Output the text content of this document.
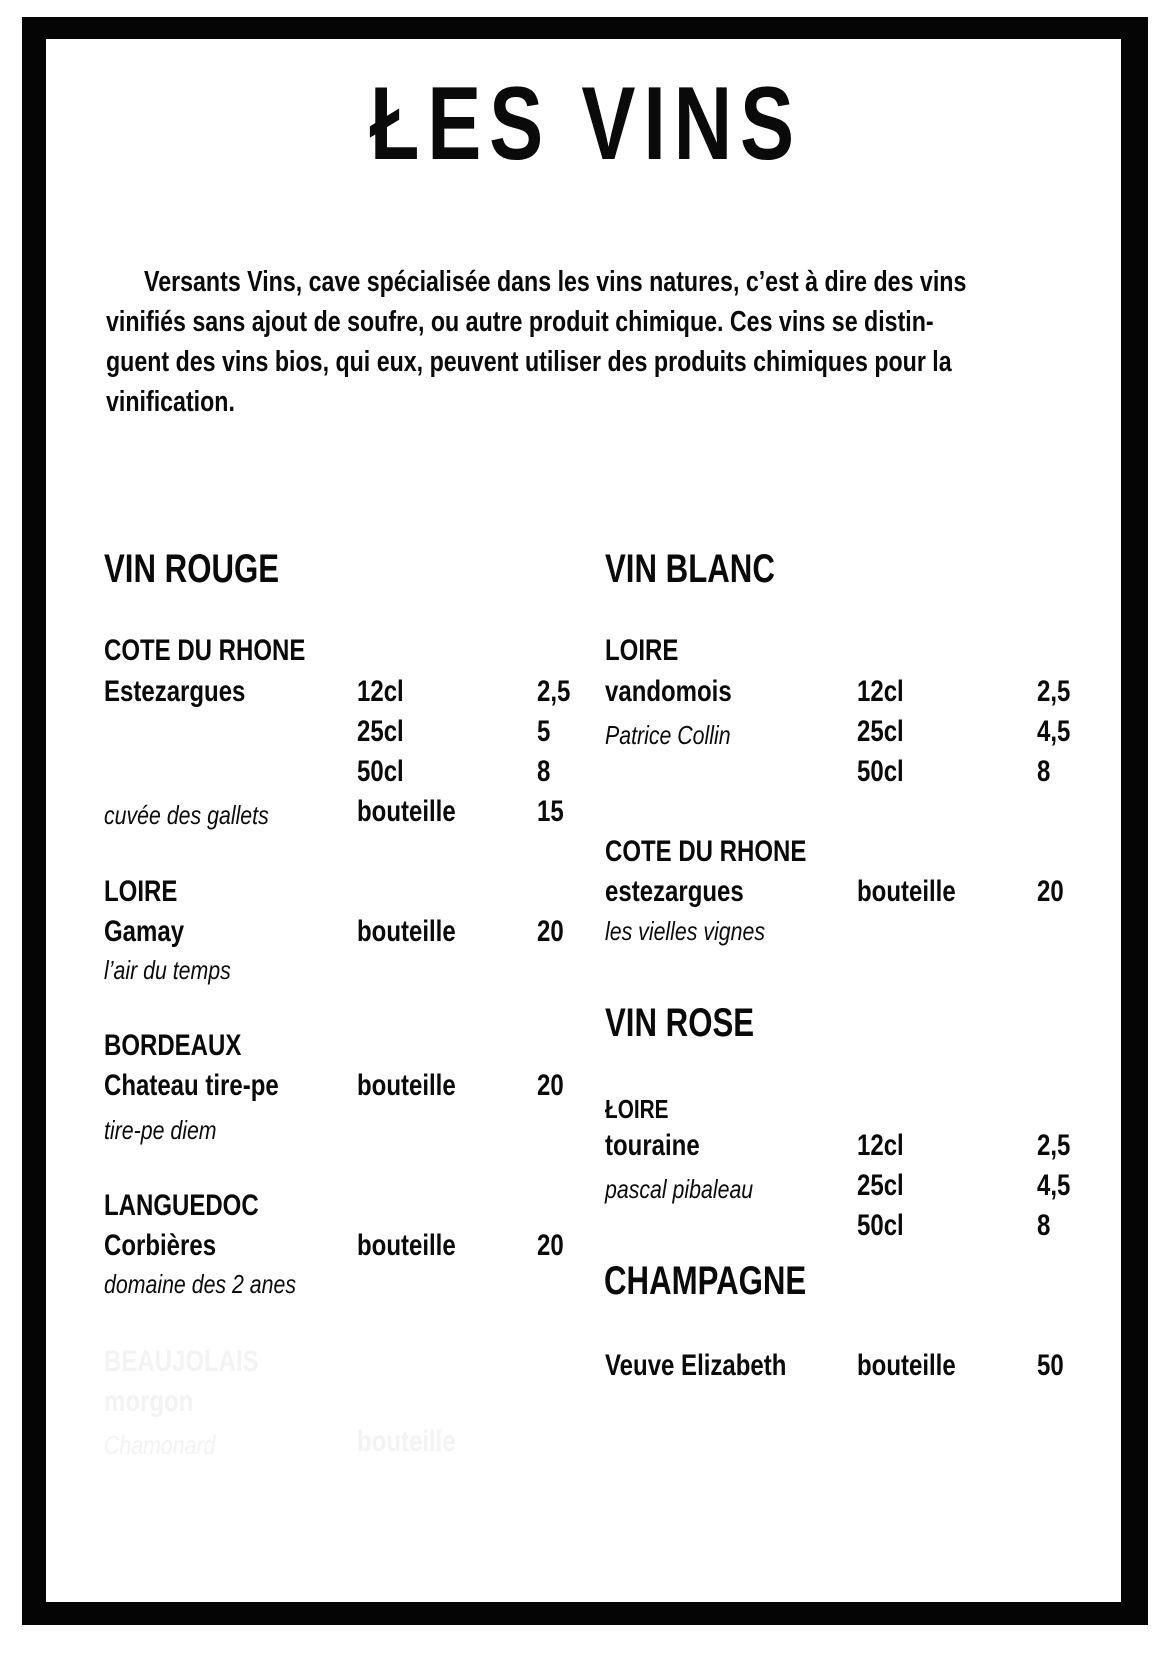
ŁES VINS
Versants Vins, cave spécialisée dans les vins natures, c’est à dire des vins
vinifiés sans ajout de soufre, ou autre produit chimique. Ces vins se distin-
guent des vins bios, qui eux, peuvent utiliser des produits chimiques pour la
vinification.
VIN ROUGE
COTE DU RHONE
Estezargues	12cl	2,5
25cl	5
50cl	8
cuvée des gallets	bouteille	15
LOIRE
Gamay	bouteille	20
l’air du temps
BORDEAUX
Chateau tire-pe	bouteille	20
tire-pe diem
LANGUEDOC
Corbières	bouteille	20
domaine des 2 anes
BEAUJOLAIS
morgon
Chamonard	bouteille
VIN BLANC
LOIRE
vandomois	12cl	2,5
Patrice Collin	25cl	4,5
50cl	8
COTE DU RHONE
estezargues	bouteille	20
les vielles vignes
VIN ROSE
ŁOIRE
touraine	12cl	2,5
pascal pibaleau	25cl	4,5
50cl	8
CHAMPAGNE
Veuve Elizabeth	bouteille	50
